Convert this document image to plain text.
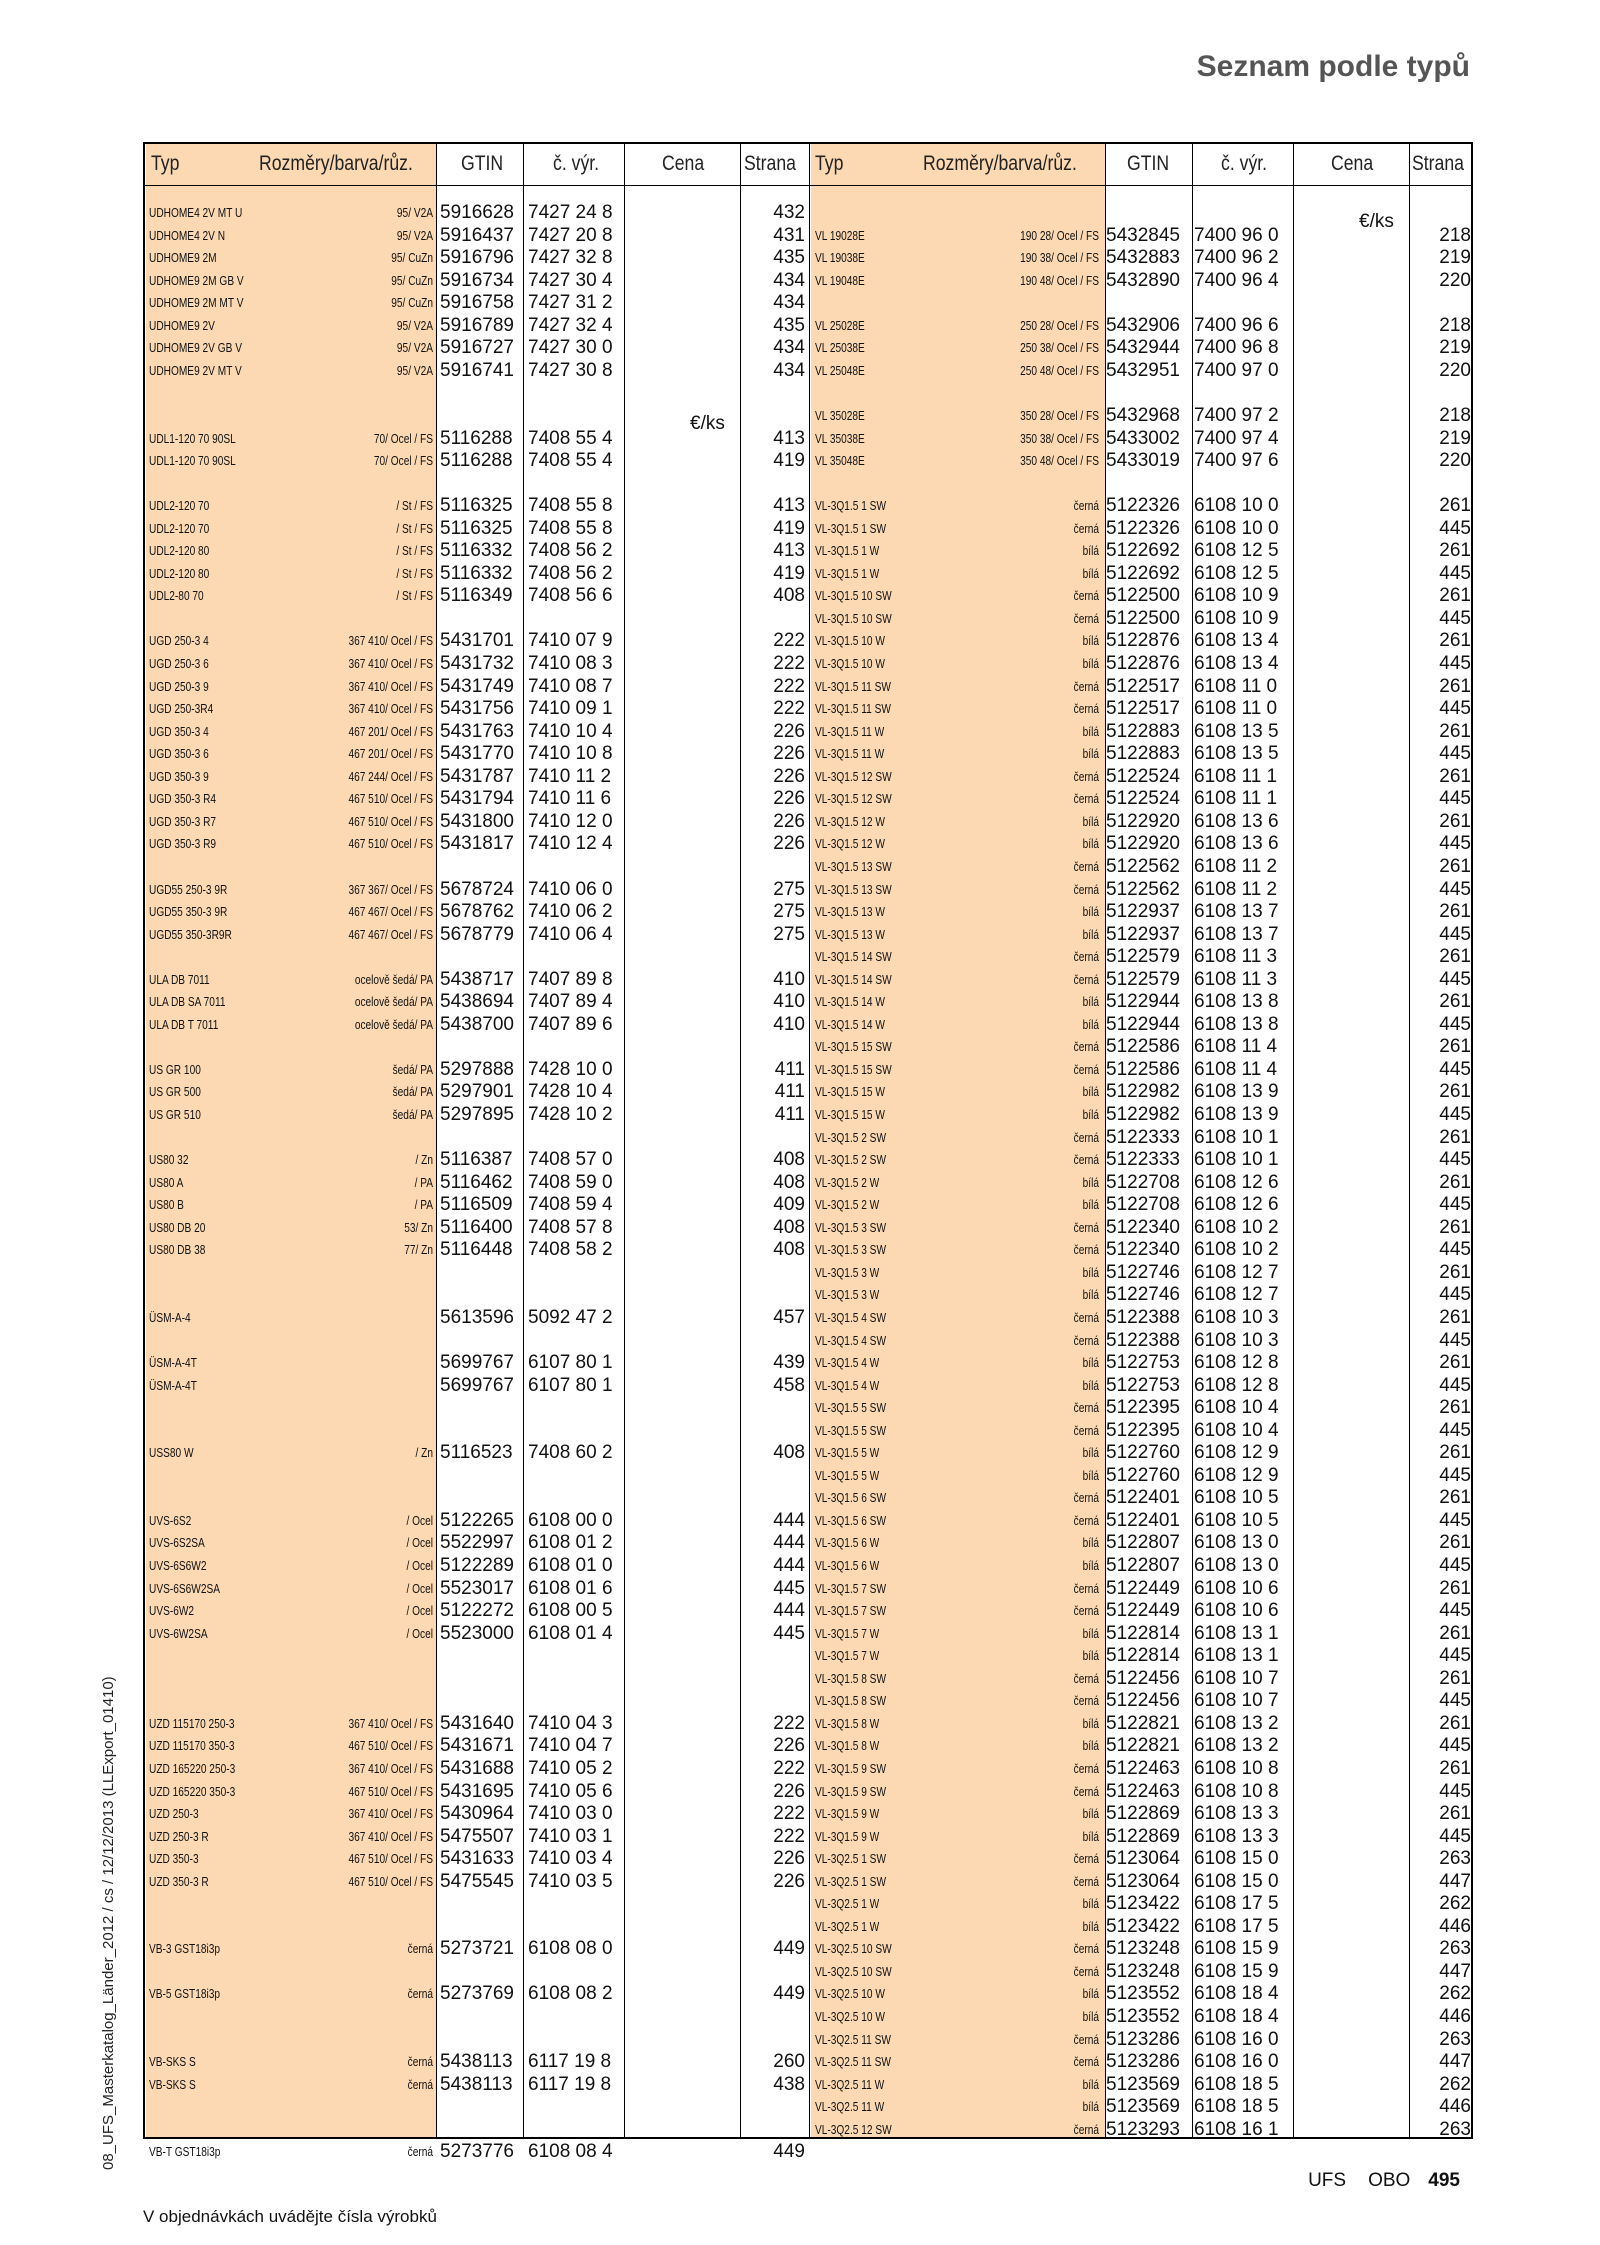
Seznam podle typů
Typ	Rozměry/barva/růz. GTIN č. výr.	Cena Strana Typ	Rozměry/barva/růz. GTIN č. výr.	Cena Strana
€/ks
€/ks
UDHOME4 2V MT U	95/ V2A 5916628 7427 24 8	432
UDHOME4 2V N	95/ V2A 5916437 7427 20 8	431
UDHOME9 2M	95/ CuZn 5916796 7427 32 8	435
UDHOME9 2M GB V	95/ CuZn 5916734 7427 30 4	434
UDHOME9 2M MT V	95/ CuZn 5916758 7427 31 2	434
UDHOME9 2V	95/ V2A 5916789 7427 32 4	435
UDHOME9 2V GB V	95/ V2A 5916727 7427 30 0	434
UDHOME9 2V MT V	95/ V2A 5916741 7427 30 8	434
UDL1-120 70 90SL	70/ Ocel / FS 5116288 7408 55 4	413
UDL1-120 70 90SL	70/ Ocel / FS 5116288 7408 55 4	419
UDL2-120 70	/ St / FS 5116325 7408 55 8	413
UDL2-120 70	/ St / FS 5116325 7408 55 8	419
UDL2-120 80	/ St / FS 5116332 7408 56 2	413
UDL2-120 80	/ St / FS 5116332 7408 56 2	419
UDL2-80 70	/ St / FS 5116349 7408 56 6	408
UGD 250-3 4	367 410/ Ocel / FS 5431701 7410 07 9	222
UGD 250-3 6	367 410/ Ocel / FS 5431732 7410 08 3	222
UGD 250-3 9	367 410/ Ocel / FS 5431749 7410 08 7	222
UGD 250-3R4	367 410/ Ocel / FS 5431756 7410 09 1	222
UGD 350-3 4	467 201/ Ocel / FS 5431763 7410 10 4	226
UGD 350-3 6	467 201/ Ocel / FS 5431770 7410 10 8	226
UGD 350-3 9	467 244/ Ocel / FS 5431787 7410 11 2	226
UGD 350-3 R4	467 510/ Ocel / FS 5431794 7410 11 6	226
UGD 350-3 R7	467 510/ Ocel / FS 5431800 7410 12 0	226
UGD 350-3 R9	467 510/ Ocel / FS 5431817 7410 12 4	226
UGD55 250-3 9R	367 367/ Ocel / FS 5678724 7410 06 0	275
UGD55 350-3 9R	467 467/ Ocel / FS 5678762 7410 06 2	275
UGD55 350-3R9R	467 467/ Ocel / FS 5678779 7410 06 4	275
ULA DB 7011	ocelově šedá/ PA 5438717 7407 89 8	410
ULA DB SA 7011	ocelově šedá/ PA 5438694 7407 89 4	410
ULA DB T 7011	ocelově šedá/ PA 5438700 7407 89 6	410
US GR 100	šedá/ PA 5297888 7428 10 0	411
US GR 500	šedá/ PA 5297901 7428 10 4	411
US GR 510	šedá/ PA 5297895 7428 10 2	411
US80 32	/ Zn 5116387 7408 57 0	408
US80 A	/ PA 5116462 7408 59 0	408
US80 B	/ PA 5116509 7408 59 4	409
US80 DB 20	53/ Zn 5116400 7408 57 8	408
US80 DB 38	77/ Zn 5116448 7408 58 2	408
ÜSM-A-4	5613596 5092 47 2	457
ÜSM-A-4T	5699767 6107 80 1	439
ÜSM-A-4T	5699767 6107 80 1	458
USS80 W	/ Zn 5116523 7408 60 2	408
UVS-6S2	/ Ocel 5122265 6108 00 0	444
UVS-6S2SA	/ Ocel 5522997 6108 01 2	444
UVS-6S6W2	/ Ocel 5122289 6108 01 0	444
UVS-6S6W2SA	/ Ocel 5523017 6108 01 6	445
UVS-6W2	/ Ocel 5122272 6108 00 5	444
UVS-6W2SA	/ Ocel 5523000 6108 01 4	445
UZD 115170 250-3	367 410/ Ocel / FS 5431640 7410 04 3	222
UZD 115170 350-3	467 510/ Ocel / FS 5431671 7410 04 7	226
UZD 165220 250-3	367 410/ Ocel / FS 5431688 7410 05 2	222
UZD 165220 350-3	467 510/ Ocel / FS 5431695 7410 05 6	226
UZD 250-3	367 410/ Ocel / FS 5430964 7410 03 0	222
UZD 250-3 R	367 410/ Ocel / FS 5475507 7410 03 1	222
UZD 350-3	467 510/ Ocel / FS 5431633 7410 03 4	226
UZD 350-3 R	467 510/ Ocel / FS 5475545 7410 03 5	226
VB-3 GST18i3p	černá 5273721 6108 08 0	449
VB-5 GST18i3p	černá 5273769 6108 08 2	449
VB-SKS S	černá 5438113 6117 19 8	260
VB-SKS S	černá 5438113 6117 19 8	438
VB-T GST18i3p	černá 5273776 6108 08 4	449
VL 19028E	190 28/ Ocel / FS 5432845 7400 96 0	218
VL 19038E	190 38/ Ocel / FS 5432883 7400 96 2	219
VL 19048E	190 48/ Ocel / FS 5432890 7400 96 4	220
VL 25028E	250 28/ Ocel / FS 5432906 7400 96 6	218
VL 25038E	250 38/ Ocel / FS 5432944 7400 96 8	219
VL 25048E	250 48/ Ocel / FS 5432951 7400 97 0	220
VL 35028E	350 28/ Ocel / FS 5432968 7400 97 2	218
VL 35038E	350 38/ Ocel / FS 5433002 7400 97 4	219
VL 35048E	350 48/ Ocel / FS 5433019 7400 97 6	220
VL-3Q1.5 1 SW	černá 5122326 6108 10 0	261
VL-3Q1.5 1 SW	černá 5122326 6108 10 0	445
VL-3Q1.5 1 W	bílá 5122692 6108 12 5	261
VL-3Q1.5 1 W	bílá 5122692 6108 12 5	445
VL-3Q1.5 10 SW	černá 5122500 6108 10 9	261
VL-3Q1.5 10 SW	černá 5122500 6108 10 9	445
VL-3Q1.5 10 W	bílá 5122876 6108 13 4	261
VL-3Q1.5 10 W	bílá 5122876 6108 13 4	445
VL-3Q1.5 11 SW	černá 5122517 6108 11 0	261
VL-3Q1.5 11 SW	černá 5122517 6108 11 0	445
VL-3Q1.5 11 W	bílá 5122883 6108 13 5	261
VL-3Q1.5 11 W	bílá 5122883 6108 13 5	445
VL-3Q1.5 12 SW	černá 5122524 6108 11 1	261
VL-3Q1.5 12 SW	černá 5122524 6108 11 1	445
VL-3Q1.5 12 W	bílá 5122920 6108 13 6	261
VL-3Q1.5 12 W	bílá 5122920 6108 13 6	445
VL-3Q1.5 13 SW	černá 5122562 6108 11 2	261
VL-3Q1.5 13 SW	černá 5122562 6108 11 2	445
VL-3Q1.5 13 W	bílá 5122937 6108 13 7	261
VL-3Q1.5 13 W	bílá 5122937 6108 13 7	445
VL-3Q1.5 14 SW	černá 5122579 6108 11 3	261
VL-3Q1.5 14 SW	černá 5122579 6108 11 3	445
VL-3Q1.5 14 W	bílá 5122944 6108 13 8	261
VL-3Q1.5 14 W	bílá 5122944 6108 13 8	445
VL-3Q1.5 15 SW	černá 5122586 6108 11 4	261
VL-3Q1.5 15 SW	černá 5122586 6108 11 4	445
VL-3Q1.5 15 W	bílá 5122982 6108 13 9	261
VL-3Q1.5 15 W	bílá 5122982 6108 13 9	445
VL-3Q1.5 2 SW	černá 5122333 6108 10 1	261
VL-3Q1.5 2 SW	černá 5122333 6108 10 1	445
VL-3Q1.5 2 W	bílá 5122708 6108 12 6	261
VL-3Q1.5 2 W	bílá 5122708 6108 12 6	445
VL-3Q1.5 3 SW	černá 5122340 6108 10 2	261
VL-3Q1.5 3 SW	černá 5122340 6108 10 2	445
VL-3Q1.5 3 W	bílá 5122746 6108 12 7	261
VL-3Q1.5 3 W	bílá 5122746 6108 12 7	445
VL-3Q1.5 4 SW	černá 5122388 6108 10 3	261
VL-3Q1.5 4 SW	černá 5122388 6108 10 3	445
VL-3Q1.5 4 W	bílá 5122753 6108 12 8	261
VL-3Q1.5 4 W	bílá 5122753 6108 12 8	445
VL-3Q1.5 5 SW	černá 5122395 6108 10 4	261
VL-3Q1.5 5 SW	černá 5122395 6108 10 4	445
VL-3Q1.5 5 W	bílá 5122760 6108 12 9	261
VL-3Q1.5 5 W	bílá 5122760 6108 12 9	445
VL-3Q1.5 6 SW	černá 5122401 6108 10 5	261
VL-3Q1.5 6 SW	černá 5122401 6108 10 5	445
VL-3Q1.5 6 W	bílá 5122807 6108 13 0	261
VL-3Q1.5 6 W	bílá 5122807 6108 13 0	445
VL-3Q1.5 7 SW	černá 5122449 6108 10 6	261
VL-3Q1.5 7 SW	černá 5122449 6108 10 6	445
VL-3Q1.5 7 W	bílá 5122814 6108 13 1	261
VL-3Q1.5 7 W	bílá 5122814 6108 13 1	445
VL-3Q1.5 8 SW	černá 5122456 6108 10 7	261
VL-3Q1.5 8 SW	černá 5122456 6108 10 7	445
VL-3Q1.5 8 W	bílá 5122821 6108 13 2	261
VL-3Q1.5 8 W	bílá 5122821 6108 13 2	445
VL-3Q1.5 9 SW	černá 5122463 6108 10 8	261
VL-3Q1.5 9 SW	černá 5122463 6108 10 8	445
VL-3Q1.5 9 W	bílá 5122869 6108 13 3	261
VL-3Q1.5 9 W	bílá 5122869 6108 13 3	445
VL-3Q2.5 1 SW	černá 5123064 6108 15 0	263
VL-3Q2.5 1 SW	černá 5123064 6108 15 0	447
VL-3Q2.5 1 W	bílá 5123422 6108 17 5	262
VL-3Q2.5 1 W	bílá 5123422 6108 17 5	446
VL-3Q2.5 10 SW	černá 5123248 6108 15 9	263
VL-3Q2.5 10 SW	černá 5123248 6108 15 9	447
VL-3Q2.5 10 W	bílá 5123552 6108 18 4	262
VL-3Q2.5 10 W	bílá 5123552 6108 18 4	446
VL-3Q2.5 11 SW	černá 5123286 6108 16 0	263
VL-3Q2.5 11 SW	černá 5123286 6108 16 0	447
VL-3Q2.5 11 W	bílá 5123569 6108 18 5	262
VL-3Q2.5 11 W	bílá 5123569 6108 18 5	446
VL-3Q2.5 12 SW	černá 5123293 6108 16 1	263
08_UFS_Masterkatalog_Länder_2012 / cs / 12/12/2013 (LLExport_01410)
V objednávkách uvádějte čísla výrobků
UFS OBO 495
